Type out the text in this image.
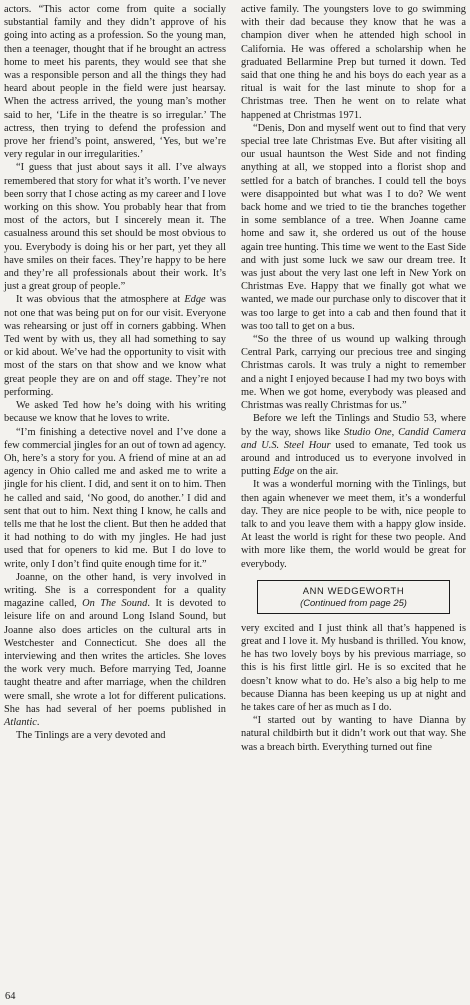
actors. “This actor come from quite a socially substantial family and they didn’t approve of his going into acting as a profession. So the young man, then a teenager, thought that if he brought an actress home to meet his parents, they would see that she was a responsible person and all the things they had heard about people in the field were just hearsay. When the actress arrived, the young man’s mother said to her, ‘Life in the theatre is so irregular.’ The actress, then trying to defend the profession and prove her friend’s point, answered, ‘Yes, but we’re very regular in our irregularities.’

“I guess that just about says it all. I’ve always remembered that story for what it’s worth. I’ve never been sorry that I chose acting as my career and I love working on this show. You probably hear that from most of the actors, but I sincerely mean it. The casualness around this set should be most obvious to you. Everybody is doing his or her part, yet they all have smiles on their faces. They’re happy to be here and they’re all professionals about their work. It’s just a great group of people.”

It was obvious that the atmosphere at Edge was not one that was being put on for our visit. Everyone was rehearsing or just off in corners gabbing. When Ted went by with us, they all had something to say or kid about. We’ve had the opportunity to visit with most of the stars on that show and we know what great people they are on and off stage. They’re not performing.

We asked Ted how he’s doing with his writing because we know that he loves to write.

“I’m finishing a detective novel and I’ve done a few commercial jingles for an out of town ad agency. Oh, here’s a story for you. A friend of mine at an ad agency in Ohio called me and asked me to write a jingle for his client. I did, and sent it on to him. Then he called and said, ‘No good, do another.’ I did and sent that out to him. Next thing I know, he calls and tells me that he lost the client. But then he added that it had nothing to do with my jingles. He had just used that for openers to kid me. But I do love to write, only I don’t find quite enough time for it.”

Joanne, on the other hand, is very involved in writing. She is a correspondent for a quality magazine called, On The Sound. It is devoted to leisure life on and around Long Island Sound, but Joanne also does articles on the cultural arts in Westchester and Connecticut. She does all the interviewing and then writes the articles. She loves the work very much. Before marrying Ted, Joanne taught theatre and after marriage, when the children were small, she wrote a lot for different pulications. She has had several of her poems published in Atlantic.

The Tinlings are a very devoted and

active family. The youngsters love to go swimming with their dad because they know that he was a champion diver when he attended high school in California. He was offered a scholarship when he graduated Bellarmine Prep but turned it down. Ted said that one thing he and his boys do each year as a ritual is wait for the last minute to shop for a Christmas tree. Then he went on to relate what happened at Christmas 1971.

“Denis, Don and myself went out to find that very special tree late Christmas Eve. But after visiting all our usual hauntson the West Side and not finding anything at all, we stopped into a florist shop and settled for a batch of branches. I could tell the boys were disappointed but what was I to do? We went back home and we tried to tie the branches together in some semblance of a tree. When Joanne came home and saw it, she ordered us out of the house again tree hunting. This time we went to the East Side and with just some luck we saw our dream tree. It was just about the very last one left in New York on Christmas Eve. Happy that we finally got what we wanted, we made our purchase only to discover that it was too large to get into a cab and then found that it was too tall to get on a bus.

“So the three of us wound up walking through Central Park, carrying our precious tree and singing Christmas carols. It was truly a night to remember and a night I enjoyed because I had my two boys with me. When we got home, everybody was pleased and Christmas was really Christmas for us.”

Before we left the Tinlings and Studio 53, where by the way, shows like Studio One, Candid Camera and U.S. Steel Hour used to emanate, Ted took us around and introduced us to everyone involved in putting Edge on the air.

It was a wonderful morning with the Tinlings, but then again whenever we meet them, it’s a wonderful day. They are nice people to be with, nice people to talk to and you leave them with a happy glow inside. At least the world is right for these two people. And with more like them, the world would be great for everybody.

ANN WEDGEWORTH
(Continued from page 25)

very excited and I just think all that’s happened is great and I love it. My husband is thrilled. You know, he has two lovely boys by his previous marriage, so this is his first little girl. He is so excited that he doesn’t know what to do. He’s also a big help to me because Dianna has been keeping us up at night and he takes care of her as much as I do.

“I started out by wanting to have Dianna by natural childbirth but it didn’t work out that way. She was a breach birth. Everything turned out fine

64
